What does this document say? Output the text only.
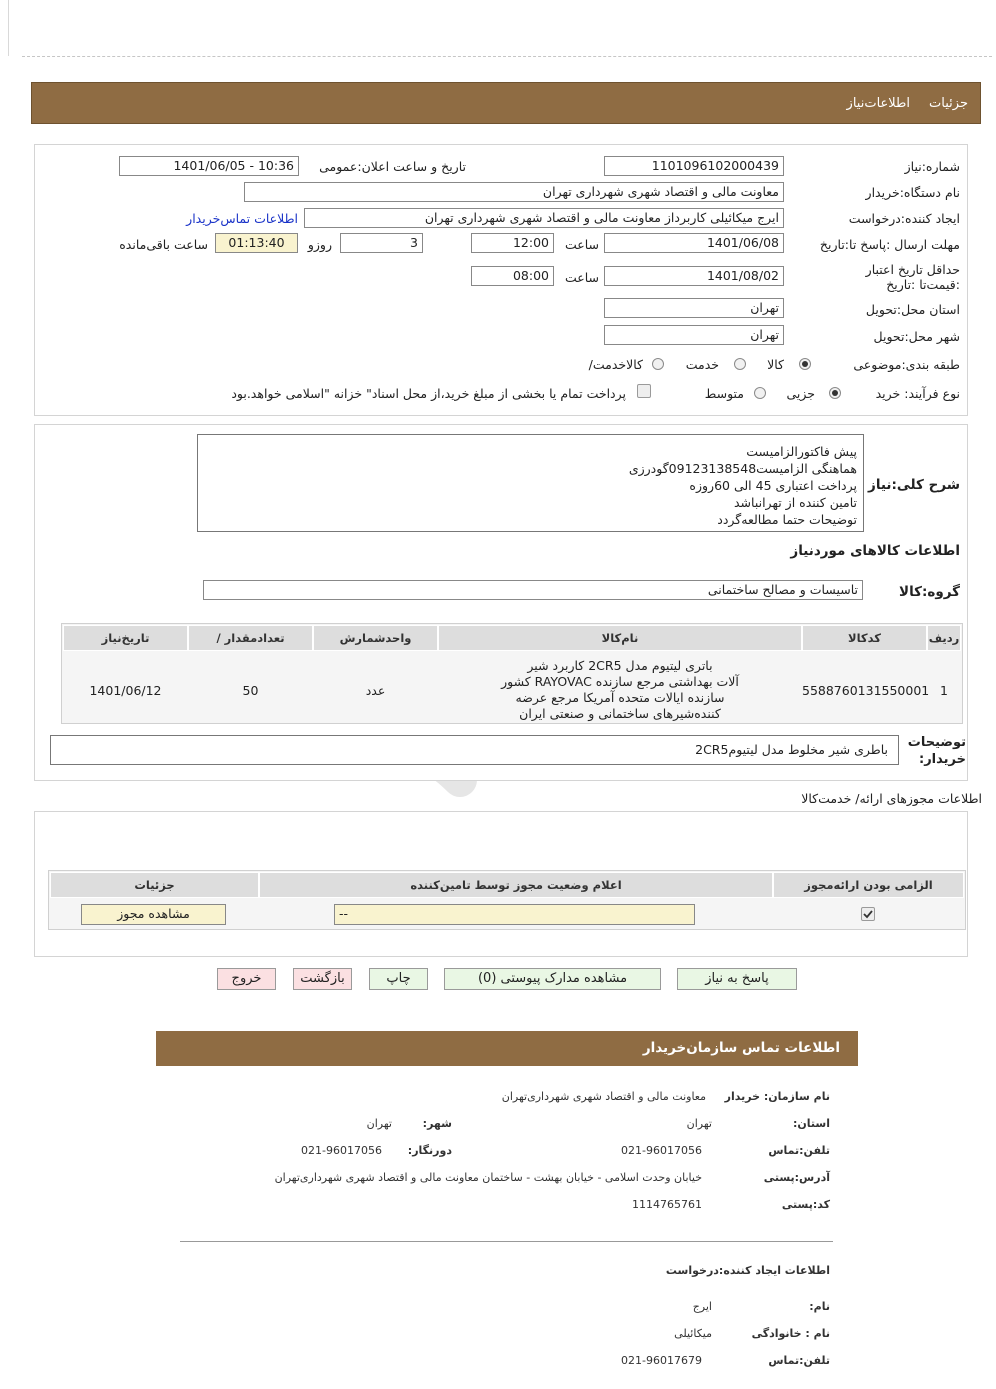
جزئیات
اطلاعات‌نیاز
شماره:نیاز
1101096102000439
تاریخ و ساعت اعلان:عمومی
1401/06/05 - 10:36
نام دستگاه:خریدار
معاونت مالی و اقتصاد شهری شهرداری تهران
ایجاد کننده:درخواست
ایرج میکائیلی کاربرداز معاونت مالی و اقتصاد شهری شهرداری تهران
اطلاعات تماس‌خریدار
مهلت ارسال :پاسخ تا:تاریخ
1401/06/08
ساعت
12:00
3
روزو
01:13:40
ساعت باقی‌مانده
حداقل تاریخ اعتبار :قیمت‌تا :تاریخ
1401/08/02
ساعت
08:00
استان محل:تحویل
تهران
شهر محل:تحویل
تهران
طبقه بندی:موضوعی
کالا
خدمت
/کالاخدمت
نوع فرآیند: خرید
جزیی
متوسط
پرداخت تمام یا بخشی از مبلغ خرید،از محل اسناد" خزانه "اسلامی خواهد.بود
شرح کلی:نیاز
پیش فاکتورالزامیست
هماهنگی الزامیست09123138548گودرزی
پرداخت اعتباری 45 الی 60روزه
تامین کننده از تهرانباشد
توضیحات حتما مطالعه‌گردد
اطلاعات کالاهای موردنیاز
گروه:کالا
تاسیسات و مصالح ساختمانی
ردیف
کدکالا
نام‌کالا
واحدشمارش
/ تعدادمقدار
تاریخ‌نیاز
1
5588760131550001
باتری لیتیوم مدل 2CR5 کاربرد شیر
آلات بهداشتی مرجع سازنده RAYOVAC کشور
سازنده ایالات متحده آمریکا مرجع عرضه
کننده‌شیرهای ساختمانی و صنعتی ایران
عدد
50
1401/06/12
توضیحات
:خریدار
باطری شیر مخلوط مدل لیتیوم2CR5
اطلاعات مجوزهای ارائه/ خدمت‌کالا
الزامی بودن ارائه‌مجوز
اعلام وضعیت مجوز توسط تامین‌کننده
جزئیات
--
مشاهده مجوز
پاسخ به نیاز
مشاهده مدارک پیوستی (0)
چاپ
بازگشت
خروج
اطلاعات تماس سازمان‌خریدار
نام سازمان: خریدار
معاونت مالی و اقتصاد شهری شهرداری‌تهران
:استان
تهران
:شهر
تهران
تلفن:تماس
021-96017056
:دورنگار
021-96017056
آدرس:پستی
خیابان وحدت اسلامی - خیابان بهشت - ساختمان معاونت مالی و اقتصاد شهری شهرداری‌تهران
کد:پستی
1114765761
اطلاعات ایجاد کننده:درخواست
:نام
ایرج
نام : خانوادگی
میکائیلی
تلفن:تماس
021-96017679
